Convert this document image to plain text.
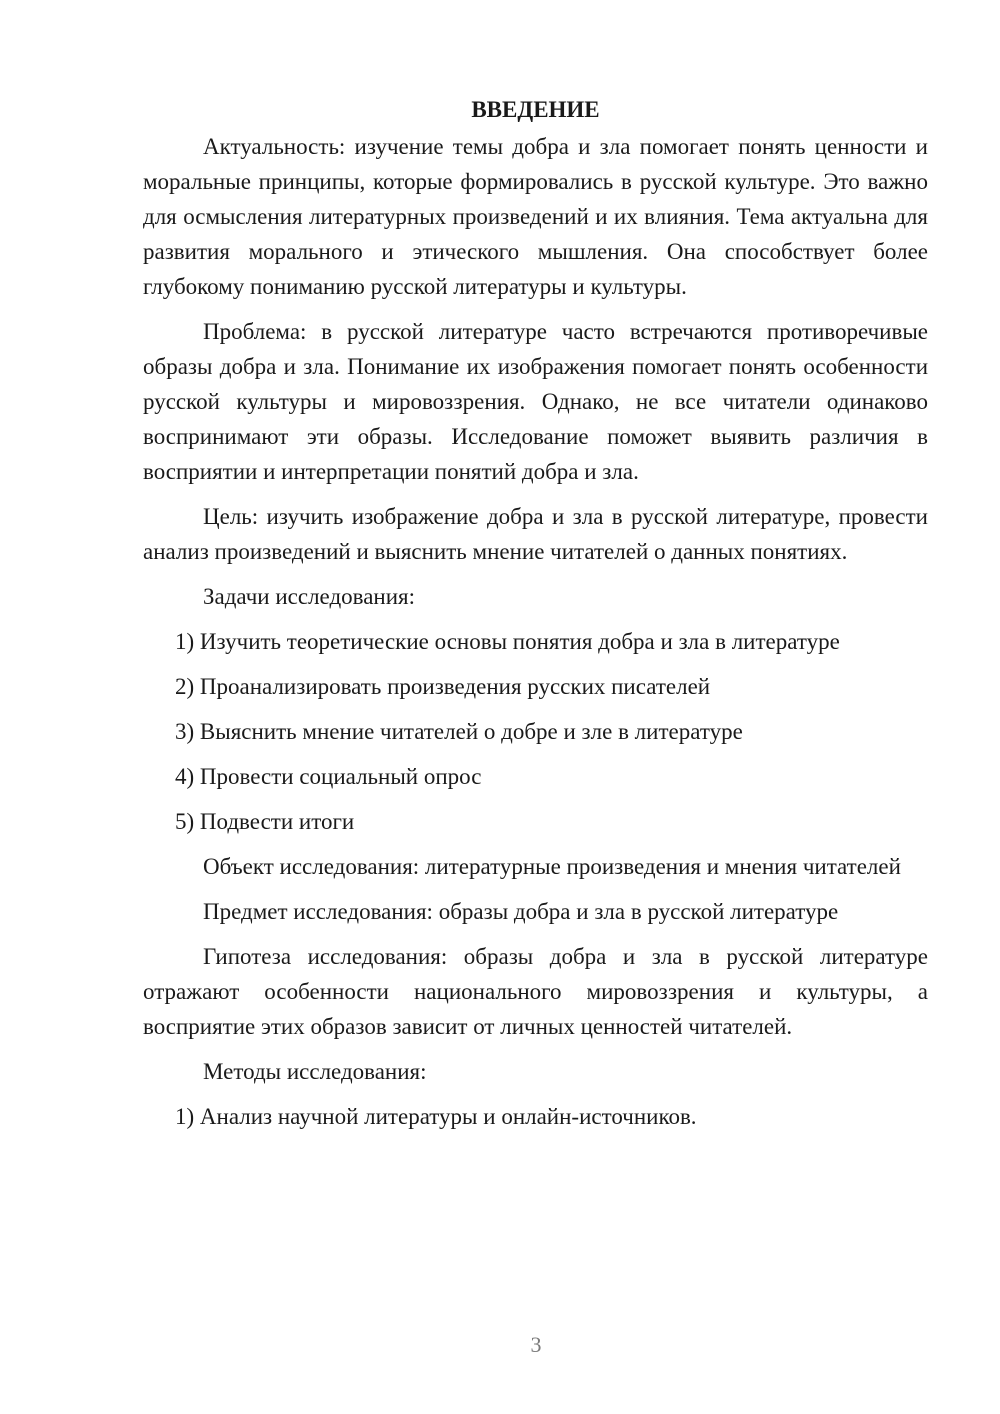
ВВЕДЕНИЕ

Актуальность: изучение темы добра и зла помогает понять ценности и моральные принципы, которые формировались в русской культуре. Это важно для осмысления литературных произведений и их влияния. Тема актуальна для развития морального и этического мышления. Она способствует более глубокому пониманию русской литературы и культуры.

Проблема: в русской литературе часто встречаются противоречивые образы добра и зла. Понимание их изображения помогает понять особенности русской культуры и мировоззрения. Однако, не все читатели одинаково воспринимают эти образы. Исследование поможет выявить различия в восприятии и интерпретации понятий добра и зла.

Цель: изучить изображение добра и зла в русской литературе, провести анализ произведений и выяснить мнение читателей о данных понятиях.

Задачи исследования:

1) Изучить теоретические основы понятия добра и зла в литературе
2) Проанализировать произведения русских писателей
3) Выяснить мнение читателей о добре и зле в литературе
4) Провести социальный опрос
5) Подвести итоги

Объект исследования: литературные произведения и мнения читателей

Предмет исследования: образы добра и зла в русской литературе

Гипотеза исследования: образы добра и зла в русской литературе отражают особенности национального мировоззрения и культуры, а восприятие этих образов зависит от личных ценностей читателей.

Методы исследования:

1) Анализ научной литературы и онлайн-источников.
3
